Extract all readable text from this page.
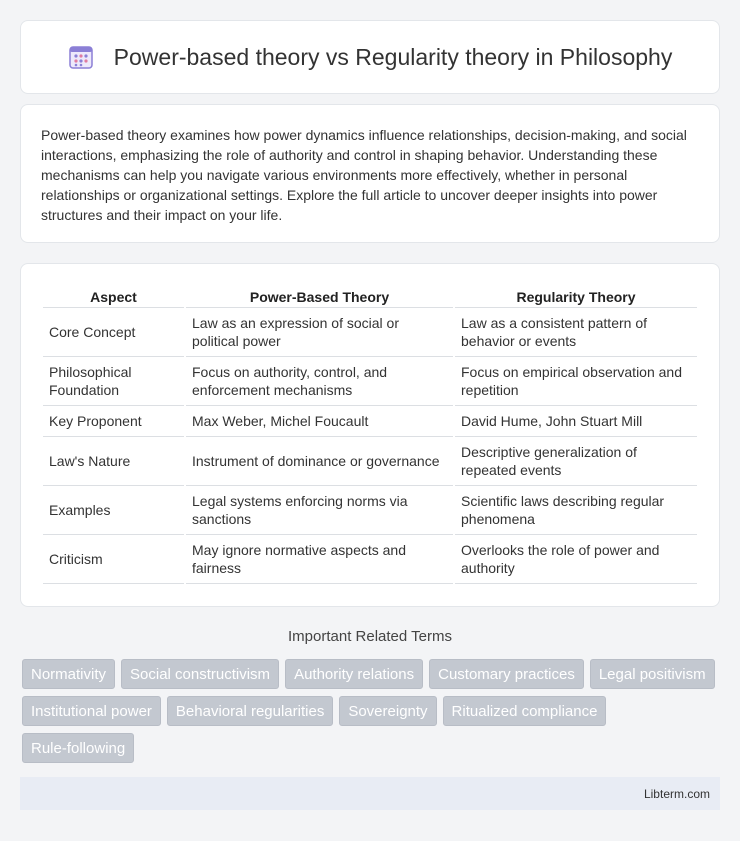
Power-based theory vs Regularity theory in Philosophy

Power-based theory examines how power dynamics influence relationships, decision-making, and social interactions, emphasizing the role of authority and control in shaping behavior. Understanding these mechanisms can help you navigate various environments more effectively, whether in personal relationships or organizational settings. Explore the full article to uncover deeper insights into power structures and their impact on your life.

Aspect	Power-Based Theory	Regularity Theory
Core Concept	Law as an expression of social or political power	Law as a consistent pattern of behavior or events
Philosophical Foundation	Focus on authority, control, and enforcement mechanisms	Focus on empirical observation and repetition
Key Proponent	Max Weber, Michel Foucault	David Hume, John Stuart Mill
Law's Nature	Instrument of dominance or governance	Descriptive generalization of repeated events
Examples	Legal systems enforcing norms via sanctions	Scientific laws describing regular phenomena
Criticism	May ignore normative aspects and fairness	Overlooks the role of power and authority
Important Related Terms
Normativity	Social constructivism	Authority relations	Customary practices	Legal positivism
Institutional power	Behavioral regularities	Sovereignty	Ritualized compliance
Rule-following
Libterm.com
